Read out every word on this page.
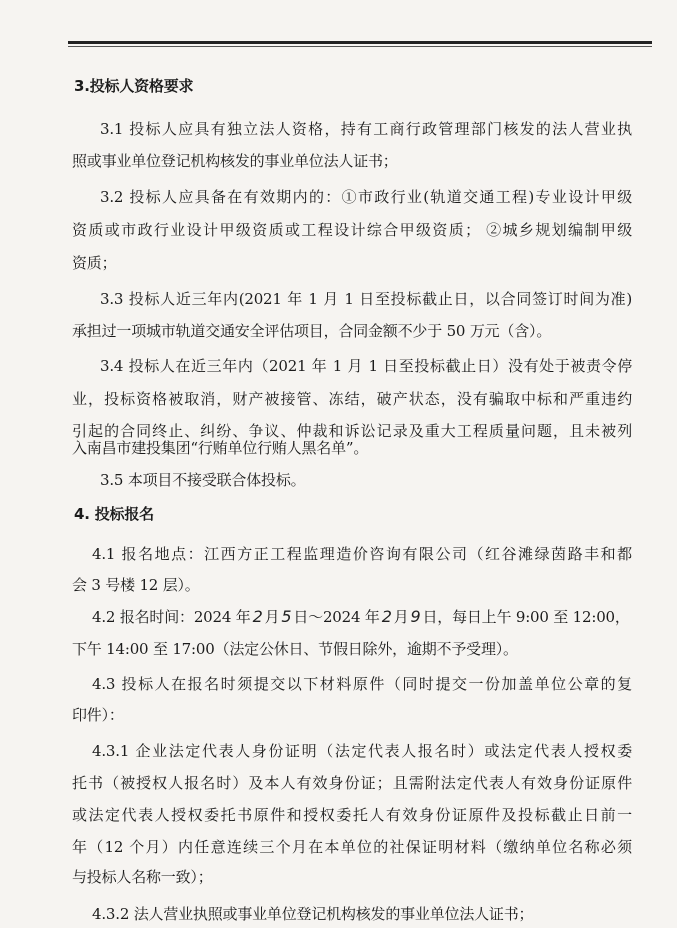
3.投标人资格要求
3.1 投标人应具有独立法人资格，持有工商行政管理部门核发的法人营业执
照或事业单位登记机构核发的事业单位法人证书；
3.2 投标人应具备在有效期内的：①市政行业(轨道交通工程)专业设计甲级
资质或市政行业设计甲级资质或工程设计综合甲级资质； ②城乡规划编制甲级
资质；
3.3 投标人近三年内(2021 年 1 月 1 日至投标截止日，以合同签订时间为准)
承担过一项城市轨道交通安全评估项目，合同金额不少于 50 万元（含）。
3.4 投标人在近三年内（2021 年 1 月 1 日至投标截止日）没有处于被责令停
业，投标资格被取消，财产被接管、冻结，破产状态，没有骗取中标和严重违约
引起的合同终止、纠纷、争议、仲裁和诉讼记录及重大工程质量问题，且未被列
入南昌市建投集团“行贿单位行贿人黑名单”。
3.5 本项目不接受联合体投标。
4. 投标报名
4.1 报名地点：江西方正工程监理造价咨询有限公司（红谷滩绿茵路丰和都
会 3 号楼 12 层）。
4.2 报名时间：2024 年 2 月 5 日～2024 年 2 月 9 日，每日上午 9:00 至 12:00，
下午 14:00 至 17:00（法定公休日、节假日除外，逾期不予受理）。
4.3 投标人在报名时须提交以下材料原件（同时提交一份加盖单位公章的复
印件）：
4.3.1 企业法定代表人身份证明（法定代表人报名时）或法定代表人授权委
托书（被授权人报名时）及本人有效身份证；且需附法定代表人有效身份证原件
或法定代表人授权委托书原件和授权委托人有效身份证原件及投标截止日前一
年（12 个月）内任意连续三个月在本单位的社保证明材料（缴纳单位名称必须
与投标人名称一致）；
4.3.2 法人营业执照或事业单位登记机构核发的事业单位法人证书；
